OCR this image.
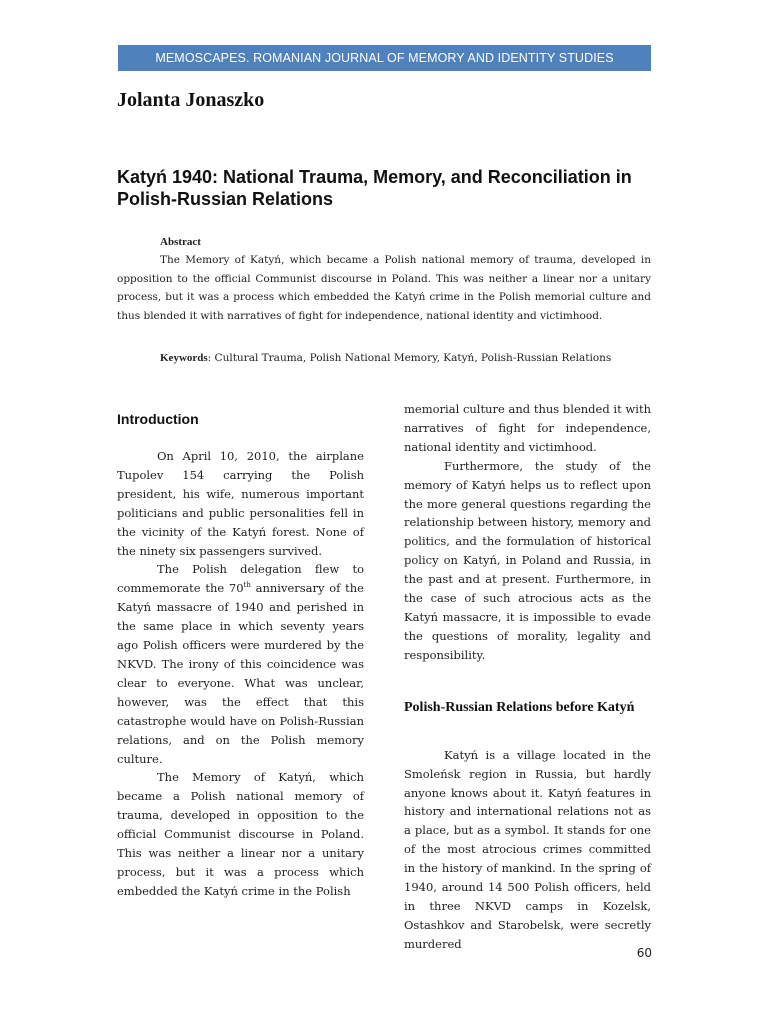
MEMOSCAPES. ROMANIAN JOURNAL OF MEMORY AND IDENTITY STUDIES
Jolanta Jonaszko
Katyń 1940: National Trauma, Memory, and Reconciliation in Polish-Russian Relations
Abstract

The Memory of Katyń, which became a Polish national memory of trauma, developed in opposition to the official Communist discourse in Poland. This was neither a linear nor a unitary process, but it was a process which embedded the Katyń crime in the Polish memorial culture and thus blended it with narratives of fight for independence, national identity and victimhood.

Keywords: Cultural Trauma, Polish National Memory, Katyń, Polish-Russian Relations

Introduction

On April 10, 2010, the airplane Tupolev 154 carrying the Polish president, his wife, numerous important politicians and public personalities fell in the vicinity of the Katyń forest. None of the ninety six passengers survived.

The Polish delegation flew to commemorate the 70th anniversary of the Katyń massacre of 1940 and perished in the same place in which seventy years ago Polish officers were murdered by the NKVD. The irony of this coincidence was clear to everyone. What was unclear, however, was the effect that this catastrophe would have on Polish-Russian relations, and on the Polish memory culture.

The Memory of Katyń, which became a Polish national memory of trauma, developed in opposition to the official Communist discourse in Poland. This was neither a linear nor a unitary process, but it was a process which embedded the Katyń crime in the Polish

memorial culture and thus blended it with narratives of fight for independence, national identity and victimhood.

Furthermore, the study of the memory of Katyń helps us to reflect upon the more general questions regarding the relationship between history, memory and politics, and the formulation of historical policy on Katyń, in Poland and Russia, in the past and at present. Furthermore, in the case of such atrocious acts as the Katyń massacre, it is impossible to evade the questions of morality, legality and responsibility.

Polish-Russian Relations before Katyń

Katyń is a village located in the Smoleńsk region in Russia, but hardly anyone knows about it. Katyń features in history and international relations not as a place, but as a symbol. It stands for one of the most atrocious crimes committed in the history of mankind. In the spring of 1940, around 14 500 Polish officers, held in three NKVD camps in Kozelsk, Ostashkov and Starobelsk, were secretly murdered

60
